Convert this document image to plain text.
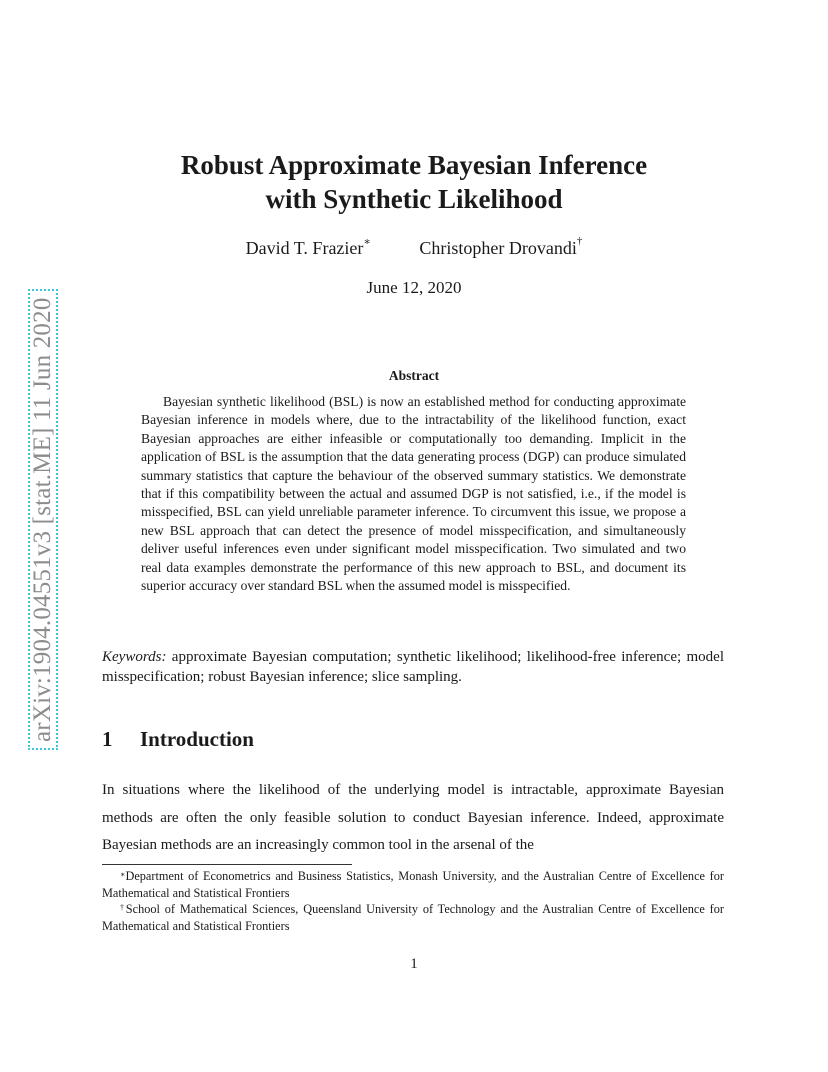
arXiv:1904.04551v3 [stat.ME] 11 Jun 2020
Robust Approximate Bayesian Inference
with Synthetic Likelihood
David T. Frazier∗	Christopher Drovandi†
June 12, 2020
Abstract
Bayesian synthetic likelihood (BSL) is now an established method for conducting approximate Bayesian inference in models where, due to the intractability of the likelihood function, exact Bayesian approaches are either infeasible or computationally too demanding. Implicit in the application of BSL is the assumption that the data generating process (DGP) can produce simulated summary statistics that capture the behaviour of the observed summary statistics. We demonstrate that if this compatibility between the actual and assumed DGP is not satisfied, i.e., if the model is misspecified, BSL can yield unreliable parameter inference. To circumvent this issue, we propose a new BSL approach that can detect the presence of model misspecification, and simultaneously deliver useful inferences even under significant model misspecification. Two simulated and two real data examples demonstrate the performance of this new approach to BSL, and document its superior accuracy over standard BSL when the assumed model is misspecified.
Keywords: approximate Bayesian computation; synthetic likelihood; likelihood-free inference; model misspecification; robust Bayesian inference; slice sampling.
1 Introduction
In situations where the likelihood of the underlying model is intractable, approximate Bayesian methods are often the only feasible solution to conduct Bayesian inference. Indeed, approximate Bayesian methods are an increasingly common tool in the arsenal of the
∗Department of Econometrics and Business Statistics, Monash University, and the Australian Centre of Excellence for Mathematical and Statistical Frontiers
†School of Mathematical Sciences, Queensland University of Technology and the Australian Centre of Excellence for Mathematical and Statistical Frontiers
1
